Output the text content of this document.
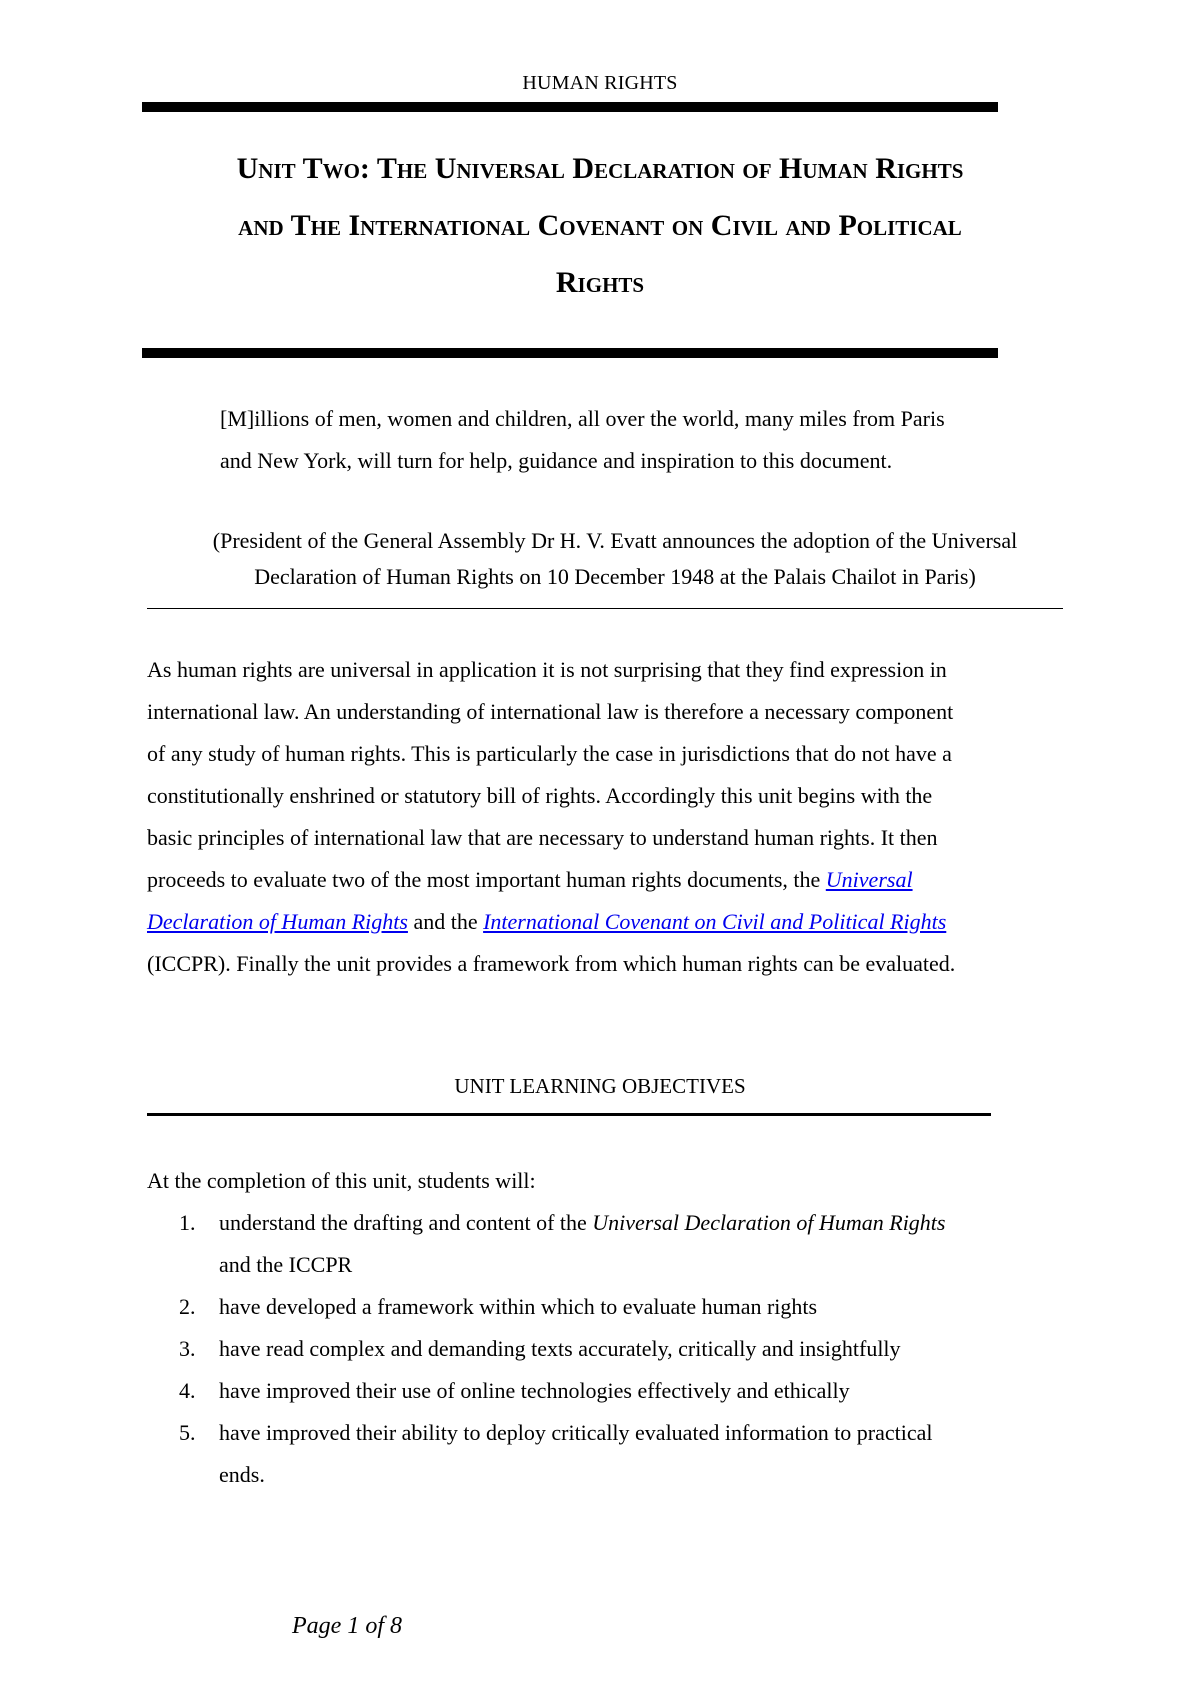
HUMAN RIGHTS
Unit Two: The Universal Declaration of Human Rights
and The International Covenant on Civil and Political
Rights
[M]illions of men, women and children, all over the world, many miles from Paris
and New York, will turn for help, guidance and inspiration to this document.
(President of the General Assembly Dr H. V. Evatt announces the adoption of the Universal
Declaration of Human Rights on 10 December 1948 at the Palais Chailot in Paris)
As human rights are universal in application it is not surprising that they find expression in
international law. An understanding of international law is therefore a necessary component
of any study of human rights. This is particularly the case in jurisdictions that do not have a
constitutionally enshrined or statutory bill of rights. Accordingly this unit begins with the
basic principles of international law that are necessary to understand human rights. It then
proceeds to evaluate two of the most important human rights documents, the Universal
Declaration of Human Rights and the International Covenant on Civil and Political Rights
(ICCPR). Finally the unit provides a framework from which human rights can be evaluated.
UNIT LEARNING OBJECTIVES
At the completion of this unit, students will:
1.	understand the drafting and content of the Universal Declaration of Human Rights
and the ICCPR
2.	have developed a framework within which to evaluate human rights
3.	have read complex and demanding texts accurately, critically and insightfully
4.	have improved their use of online technologies effectively and ethically
5.	have improved their ability to deploy critically evaluated information to practical
ends.
Page 1 of 8
